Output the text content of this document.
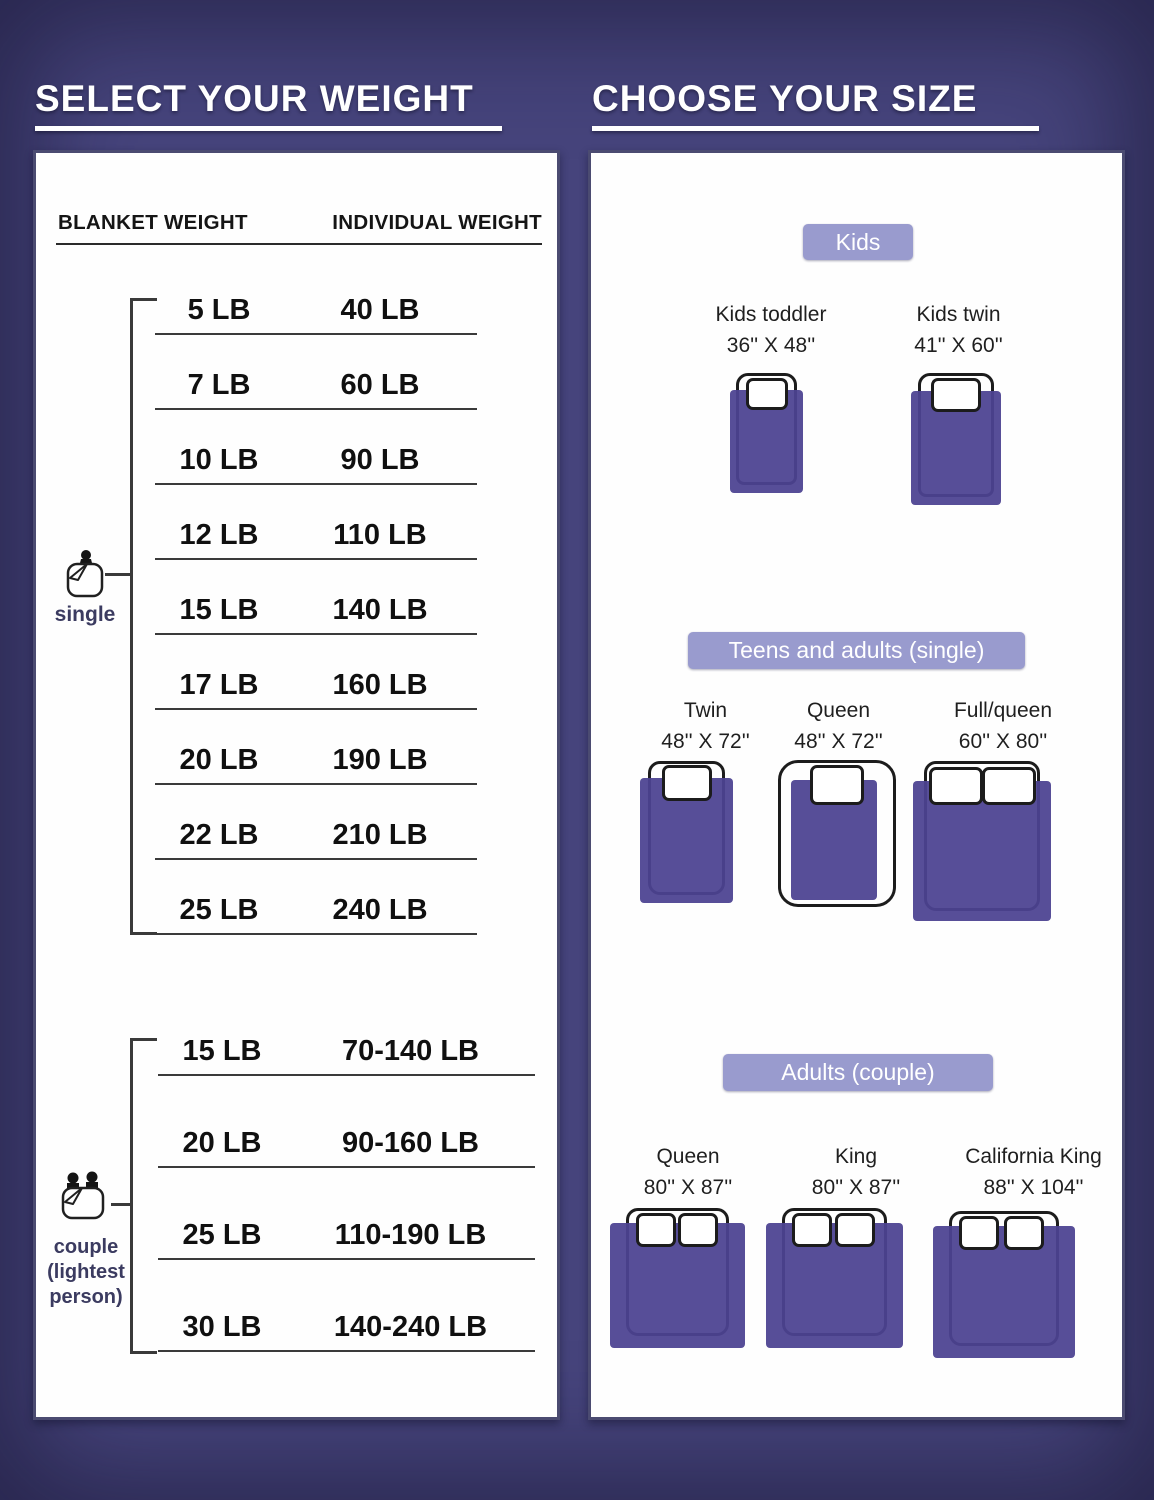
SELECT YOUR WEIGHT	CHOOSE YOUR SIZE
BLANKET WEIGHT	INDIVIDUAL WEIGHT
5 LB	40 LB
7 LB	60 LB
10 LB	90 LB
12 LB	110 LB
15 LB	140 LB
17 LB	160 LB
20 LB	190 LB
22 LB	210 LB
25 LB	240 LB
15 LB	70-140 LB
20 LB	90-160 LB
25 LB	110-190 LB
30 LB	140-240 LB
single
couple
(lightest
person)
Kids
Kids toddler
36'' X 48''
Kids twin
41'' X 60''
Teens and adults (single)
Twin
48'' X 72''
Queen
48'' X 72''
Full/queen
60'' X 80''
Adults (couple)
Queen
80'' X 87''
King
80'' X 87''
California King
88'' X 104''
